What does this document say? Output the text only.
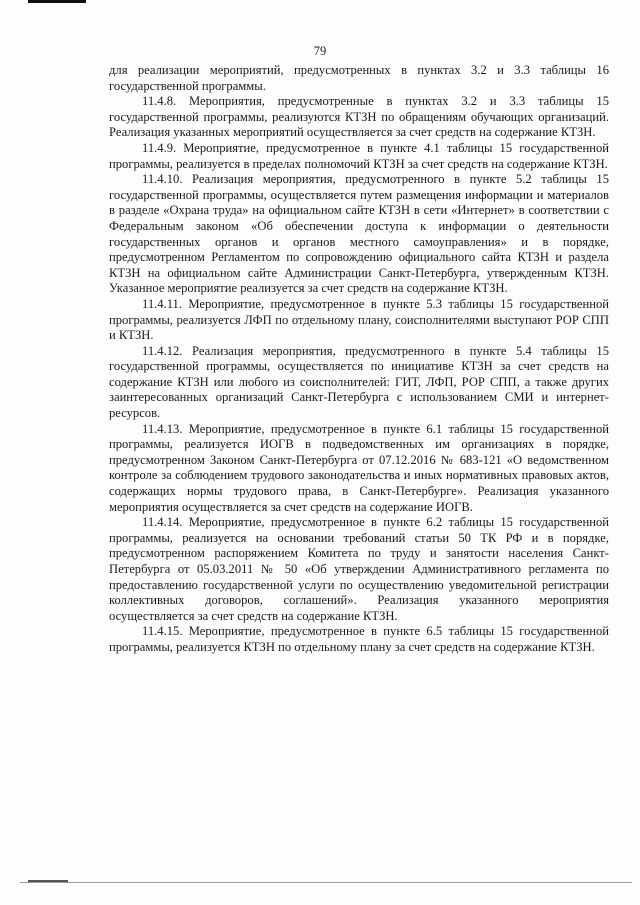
79

для реализации мероприятий, предусмотренных в пунктах 3.2 и 3.3 таблицы 16 государственной программы.

11.4.8. Мероприятия, предусмотренные в пунктах 3.2 и 3.3 таблицы 15 государственной программы, реализуются КТЗН по обращениям обучающих организаций. Реализация указанных мероприятий осуществляется за счет средств на содержание КТЗН.

11.4.9. Мероприятие, предусмотренное в пункте 4.1 таблицы 15 государственной программы, реализуется в пределах полномочий КТЗН за счет средств на содержание КТЗН.

11.4.10. Реализация мероприятия, предусмотренного в пункте 5.2 таблицы 15 государственной программы, осуществляется путем размещения информации и материалов в разделе «Охрана труда» на официальном сайте КТЗН в сети «Интернет» в соответствии с Федеральным законом «Об обеспечении доступа к информации о деятельности государственных органов и органов местного самоуправления» и в порядке, предусмотренном Регламентом по сопровождению официального сайта КТЗН и раздела КТЗН на официальном сайте Администрации Санкт-Петербурга, утвержденным КТЗН. Указанное мероприятие реализуется за счет средств на содержание КТЗН.

11.4.11. Мероприятие, предусмотренное в пункте 5.3 таблицы 15 государственной программы, реализуется ЛФП по отдельному плану, соисполнителями выступают РОР СПП и КТЗН.

11.4.12. Реализация мероприятия, предусмотренного в пункте 5.4 таблицы 15 государственной программы, осуществляется по инициативе КТЗН за счет средств на содержание КТЗН или любого из соисполнителей: ГИТ, ЛФП, РОР СПП, а также других заинтересованных организаций Санкт-Петербурга с использованием СМИ и интернет-ресурсов.

11.4.13. Мероприятие, предусмотренное в пункте 6.1 таблицы 15 государственной программы, реализуется ИОГВ в подведомственных им организациях в порядке, предусмотренном Законом Санкт-Петербурга от 07.12.2016 № 683-121 «О ведомственном контроле за соблюдением трудового законодательства и иных нормативных правовых актов, содержащих нормы трудового права, в Санкт-Петербурге». Реализация указанного мероприятия осуществляется за счет средств на содержание ИОГВ.

11.4.14. Мероприятие, предусмотренное в пункте 6.2 таблицы 15 государственной программы, реализуется на основании требований статьи 50 ТК РФ и в порядке, предусмотренном распоряжением Комитета по труду и занятости населения Санкт-Петербурга от 05.03.2011 № 50 «Об утверждении Административного регламента по предоставлению государственной услуги по осуществлению уведомительной регистрации коллективных договоров, соглашений». Реализация указанного мероприятия осуществляется за счет средств на содержание КТЗН.

11.4.15. Мероприятие, предусмотренное в пункте 6.5 таблицы 15 государственной программы, реализуется КТЗН по отдельному плану за счет средств на содержание КТЗН.
